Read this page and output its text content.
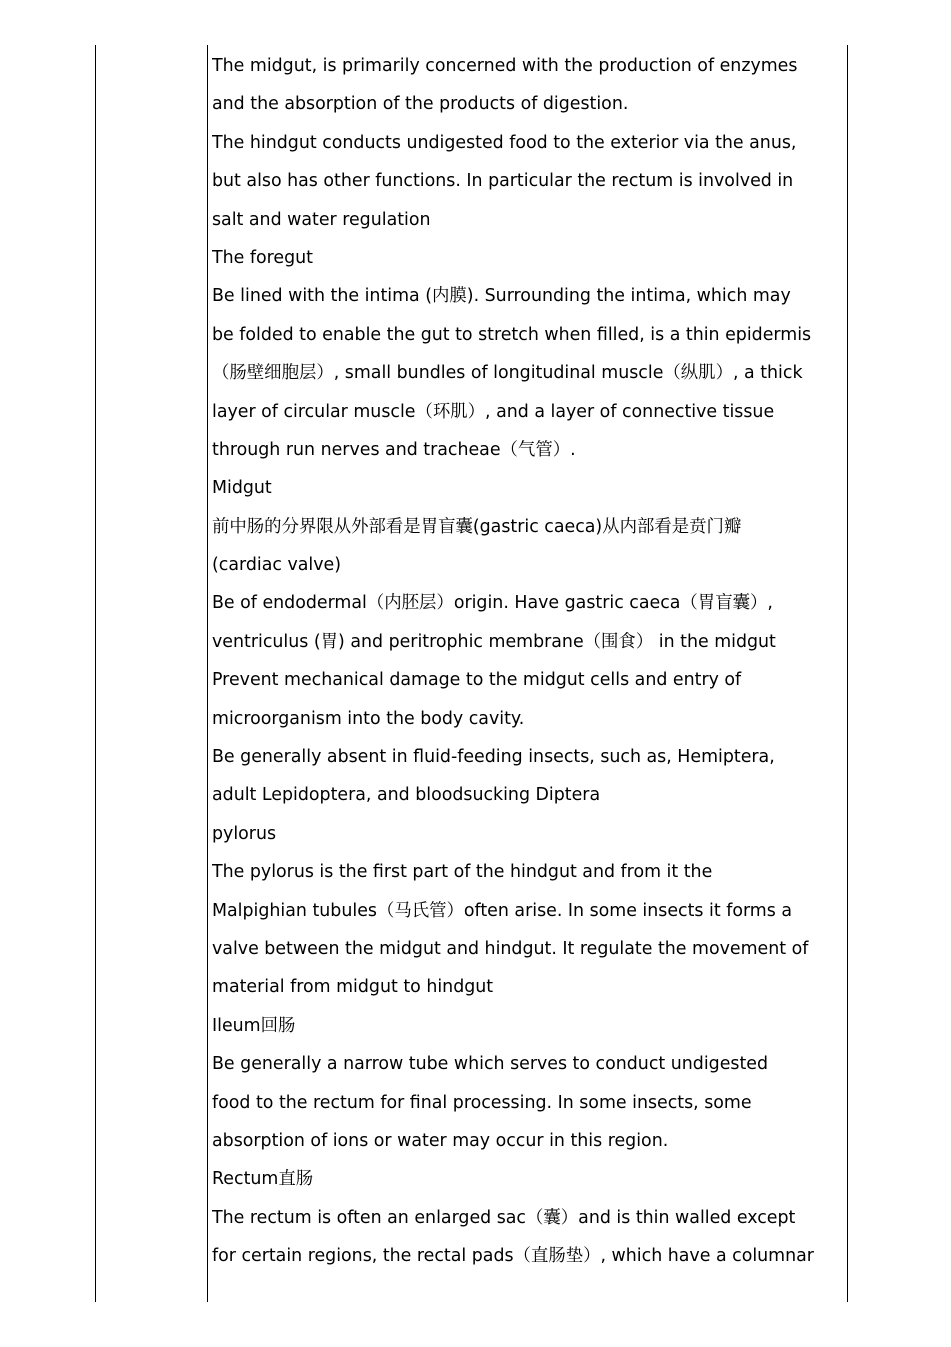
The midgut, is primarily concerned with the production of enzymes
and the absorption of the products of digestion.
The hindgut conducts undigested food to the exterior via the anus,
but also has other functions. In particular the rectum is involved in
salt and water regulation
The foregut
Be lined with the intima (内膜). Surrounding the intima, which may
be folded to enable the gut to stretch when filled, is a thin epidermis
（肠壁细胞层）, small bundles of longitudinal muscle（纵肌）, a thick
layer of circular muscle（环肌）, and a layer of connective tissue
through run nerves and tracheae（气管）.
Midgut
前中肠的分界限从外部看是胃盲囊(gastric caeca)从内部看是贲门瓣
(cardiac valve)
Be of endodermal（内胚层）origin. Have gastric caeca（胃盲囊）,
ventriculus (胃) and peritrophic membrane（围食） in the midgut
Prevent mechanical damage to the midgut cells and entry of
microorganism into the body cavity.
Be generally absent in fluid-feeding insects, such as, Hemiptera,
adult Lepidoptera, and bloodsucking Diptera
pylorus
The pylorus is the first part of the hindgut and from it the
Malpighian tubules（马氏管）often arise. In some insects it forms a
valve between the midgut and hindgut. It regulate the movement of
material from midgut to hindgut
Ileum回肠
Be generally a narrow tube which serves to conduct undigested
food to the rectum for final processing. In some insects, some
absorption of ions or water may occur in this region.
Rectum直肠
The rectum is often an enlarged sac（囊）and is thin walled except
for certain regions, the rectal pads（直肠垫）, which have a columnar
